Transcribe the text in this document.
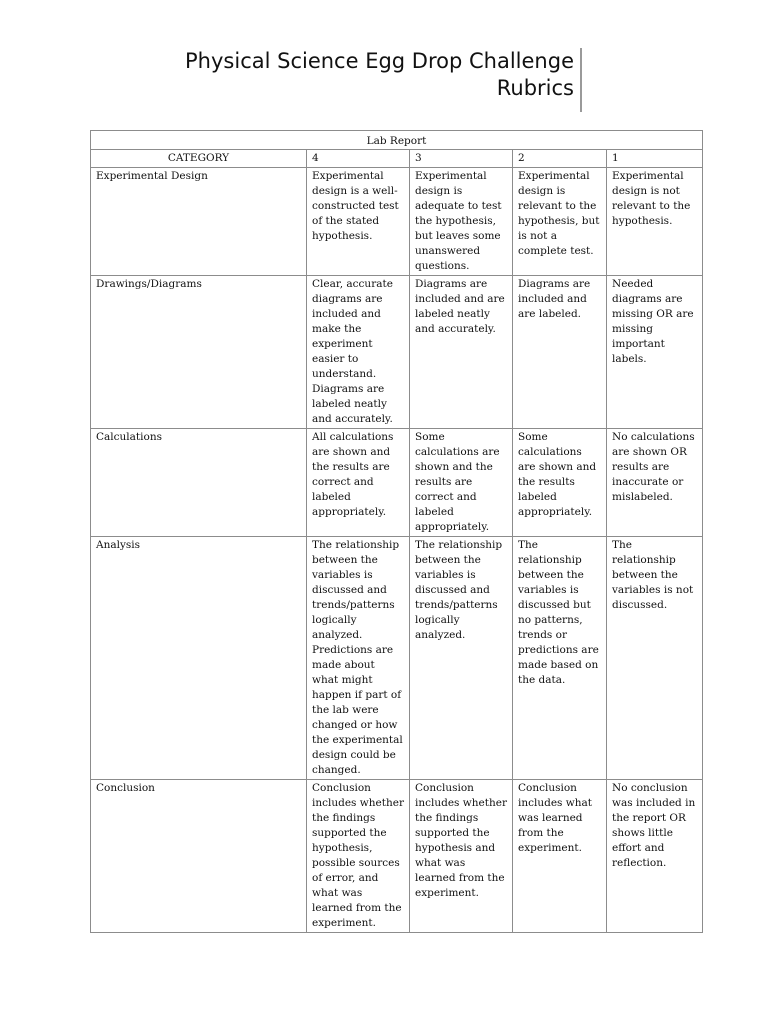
Physical Science Egg Drop Challenge
Rubrics
Lab Report				
CATEGORY	4	3	2	1
Experimental Design	Experimental design is a well-constructed test of the stated hypothesis.	Experimental design is adequate to test the hypothesis, but leaves some unanswered questions.	Experimental design is relevant to the hypothesis, but is not a complete test.	Experimental design is not relevant to the hypothesis.
Drawings/Diagrams	Clear, accurate diagrams are included and make the experiment easier to understand. Diagrams are labeled neatly and accurately.	Diagrams are included and are labeled neatly and accurately.	Diagrams are included and are labeled.	Needed diagrams are missing OR are missing important labels.
Calculations	All calculations are shown and the results are correct and labeled appropriately.	Some calculations are shown and the results are correct and labeled appropriately.	Some calculations are shown and the results labeled appropriately.	No calculations are shown OR results are inaccurate or mislabeled.
Analysis	The relationship between the variables is discussed and trends/patterns logically analyzed. Predictions are made about what might happen if part of the lab were changed or how the experimental design could be changed.	The relationship between the variables is discussed and trends/patterns logically analyzed.	The relationship between the variables is discussed but no patterns, trends or predictions are made based on the data.	The relationship between the variables is not discussed.
Conclusion	Conclusion includes whether the findings supported the hypothesis, possible sources of error, and what was learned from the experiment.	Conclusion includes whether the findings supported the hypothesis and what was learned from the experiment.	Conclusion includes what was learned from the experiment.	No conclusion was included in the report OR shows little effort and reflection.
